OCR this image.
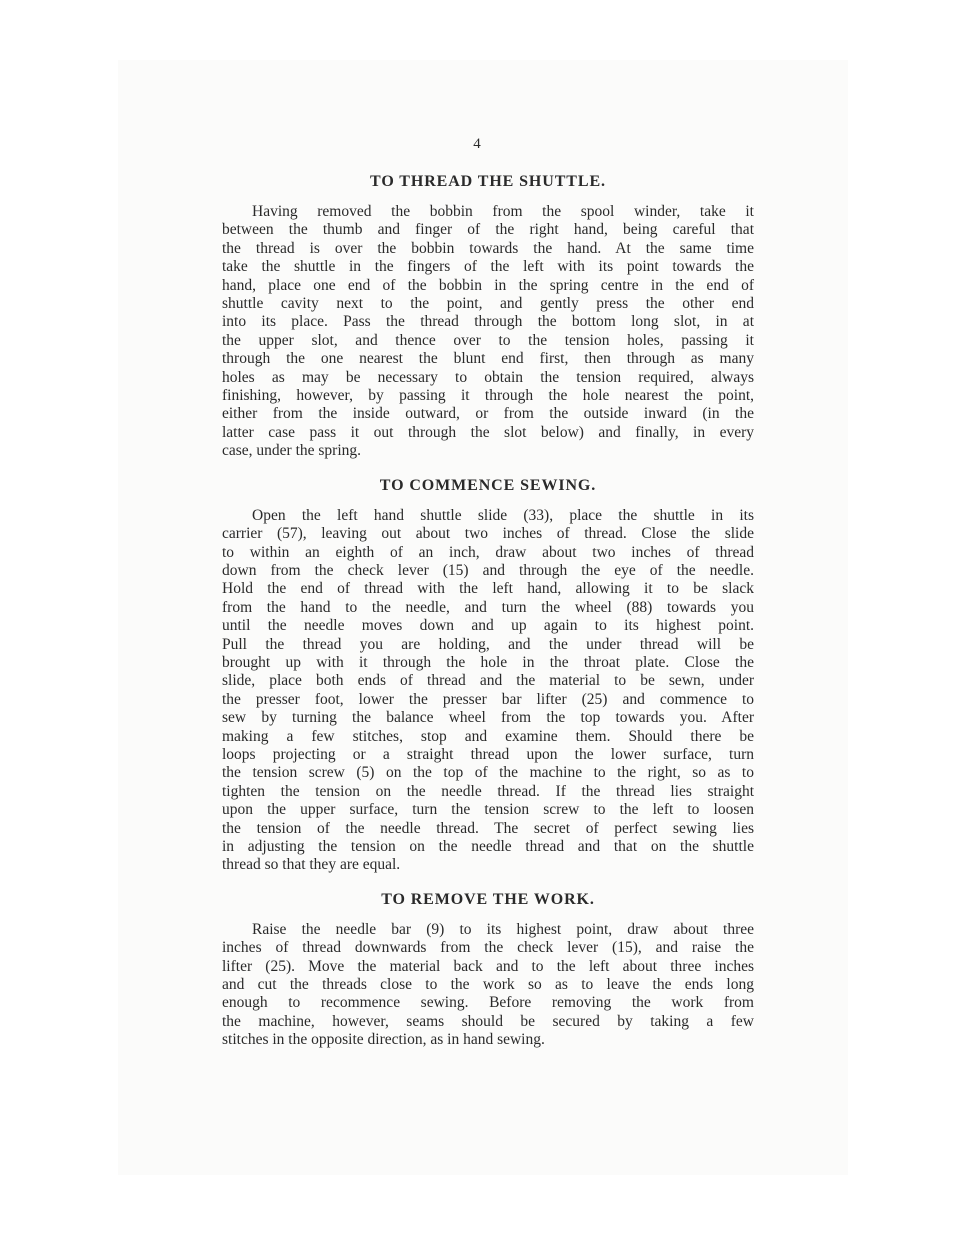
4
TO THREAD THE SHUTTLE.
Having removed the bobbin from the spool winder, take it
between the thumb and finger of the right hand, being careful that
the thread is over the bobbin towards the hand. At the same time
take the shuttle in the fingers of the left with its point towards the
hand, place one end of the bobbin in the spring centre in the end of
shuttle cavity next to the point, and gently press the other end
into its place. Pass the thread through the bottom long slot, in at
the upper slot, and thence over to the tension holes, passing it
through the one nearest the blunt end first, then through as many
holes as may be necessary to obtain the tension required, always
finishing, however, by passing it through the hole nearest the point,
either from the inside outward, or from the outside inward (in the
latter case pass it out through the slot below) and finally, in every
case, under the spring.
TO COMMENCE SEWING.
Open the left hand shuttle slide (33), place the shuttle in its
carrier (57), leaving out about two inches of thread. Close the slide
to within an eighth of an inch, draw about two inches of thread
down from the check lever (15) and through the eye of the needle.
Hold the end of thread with the left hand, allowing it to be slack
from the hand to the needle, and turn the wheel (88) towards you
until the needle moves down and up again to its highest point.
Pull the thread you are holding, and the under thread will be
brought up with it through the hole in the throat plate. Close the
slide, place both ends of thread and the material to be sewn, under
the presser foot, lower the presser bar lifter (25) and commence to
sew by turning the balance wheel from the top towards you. After
making a few stitches, stop and examine them. Should there be
loops projecting or a straight thread upon the lower surface, turn
the tension screw (5) on the top of the machine to the right, so as to
tighten the tension on the needle thread. If the thread lies straight
upon the upper surface, turn the tension screw to the left to loosen
the tension of the needle thread. The secret of perfect sewing lies
in adjusting the tension on the needle thread and that on the shuttle
thread so that they are equal.
TO REMOVE THE WORK.
Raise the needle bar (9) to its highest point, draw about three
inches of thread downwards from the check lever (15), and raise the
lifter (25). Move the material back and to the left about three inches
and cut the threads close to the work so as to leave the ends long
enough to recommence sewing. Before removing the work from
the machine, however, seams should be secured by taking a few
stitches in the opposite direction, as in hand sewing.
